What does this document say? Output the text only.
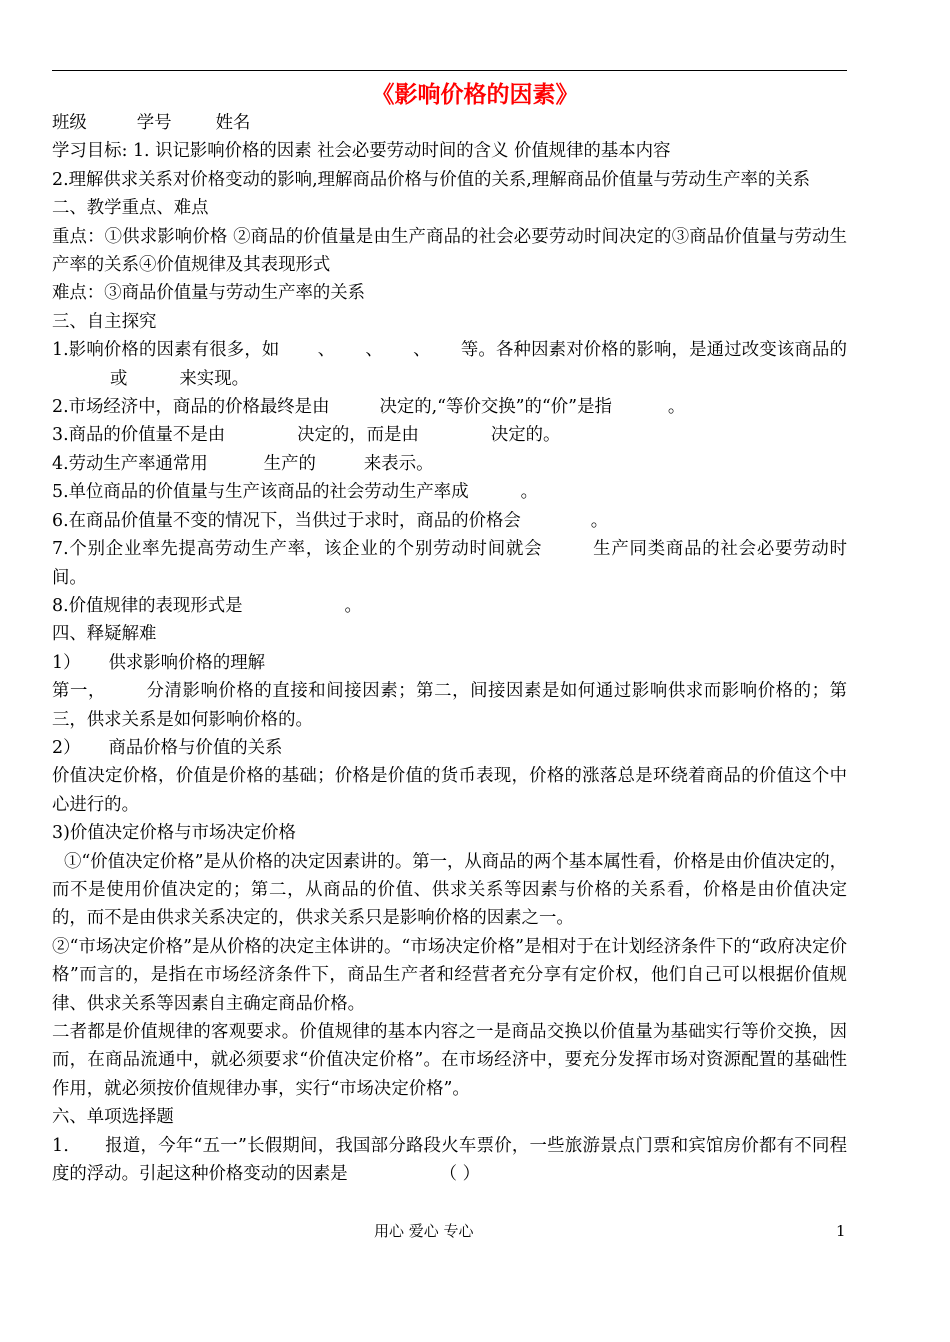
《影响价格的因素》

班级	学号	姓名

学习目标: 1. 识记影响价格的因素 社会必要劳动时间的含义 价值规律的基本内容

2.理解供求关系对价格变动的影响,理解商品价格与价值的关系,理解商品价值量与劳动生产率的关系

二、教学重点、难点

重点：①供求影响价格 ②商品的价值量是由生产商品的社会必要劳动时间决定的③商品价值量与劳动生产率的关系④价值规律及其表现形式

难点：③商品价值量与劳动生产率的关系

三、自主探究

1.影响价格的因素有很多，如 、 、 、 等。各种因素对价格的影响，是通过改变该商品的或	来实现。

2.市场经济中，商品的价格最终是由	决定的,“等价交换”的“价”是指	。

3.商品的价值量不是由	决定的，而是由	决定的。

4.劳动生产率通常用	生产的	来表示。

5.单位商品的价值量与生产该商品的社会劳动生产率成	。

6.在商品价值量不变的情况下，当供过于求时，商品的价格会	。

7.个别企业率先提高劳动生产率，该企业的个别劳动时间就会	生产同类商品的社会必要劳动时间。

8.价值规律的表现形式是	。

四、释疑解难

1） 供求影响价格的理解

第一， 分清影响价格的直接和间接因素；第二，间接因素是如何通过影响供求而影响价格的；第三，供求关系是如何影响价格的。

2） 商品价格与价值的关系

价值决定价格，价值是价格的基础；价格是价值的货币表现，价格的涨落总是环绕着商品的价值这个中心进行的。

3)价值决定价格与市场决定价格

①“价值决定价格”是从价格的决定因素讲的。第一，从商品的两个基本属性看，价格是由价值决定的，而不是使用价值决定的；第二，从商品的价值、供求关系等因素与价格的关系看，价格是由价值决定的，而不是由供求关系决定的，供求关系只是影响价格的因素之一。

②“市场决定价格”是从价格的决定主体讲的。“市场决定价格”是相对于在计划经济条件下的“政府决定价格”而言的，是指在市场经济条件下，商品生产者和经营者充分享有定价权，他们自己可以根据价值规律、供求关系等因素自主确定商品价格。

二者都是价值规律的客观要求。价值规律的基本内容之一是商品交换以价值量为基础实行等价交换，因而，在商品流通中，就必须要求“价值决定价格”。在市场经济中，要充分发挥市场对资源配置的基础性作用，就必须按价值规律办事，实行“市场决定价格”。

六、单项选择题

1． 报道，今年“五一”长假期间，我国部分路段火车票价，一些旅游景点门票和宾馆房价都有不同程度的浮动。引起这种价格变动的因素是	（ ）

用心 爱心 专心	1
